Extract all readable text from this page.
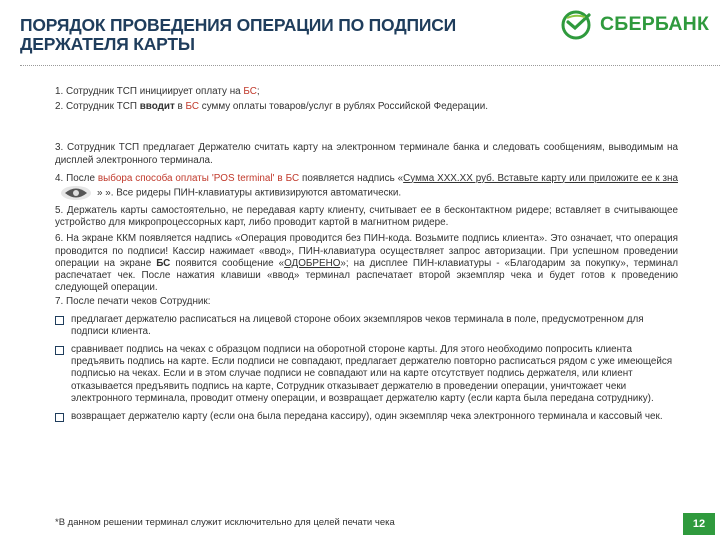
ПОРЯДОК ПРОВЕДЕНИЯ ОПЕРАЦИИ ПО ПОДПИСИ
ДЕРЖАТЕЛЯ КАРТЫ
СБЕРБАНК

1. Сотрудник ТСП инициирует оплату на БС;

2. Сотрудник ТСП вводит в БС сумму оплаты товаров/услуг в рублях Российской Федерации.

3. Сотрудник ТСП предлагает Держателю считать карту на электронном терминале банка и следовать сообщениям, выводимым на дисплей электронного терминала.

4. После выбора способа оплаты 'POS terminal' в БС появляется надпись «Сумма ХХХ.ХХ руб. Вставьте карту или приложите ее к зна» ». Все ридеры ПИН-клавиатуры активизируются автоматически.

5. Держатель карты самостоятельно, не передавая карту клиенту, считывает ее в бесконтактном ридере; вставляет в считывающее устройство для микропроцессорных карт, либо проводит картой в магнитном ридере.

6. На экране ККМ появляется надпись «Операция проводится без ПИН-кода. Возьмите подпись клиента». Это означает, что операция проводится по подписи! Кассир нажимает «ввод», ПИН-клавиатура осуществляет запрос авторизации. При успешном проведении операции на экране БС появится сообщение «ОДОБРЕНО»; на дисплее ПИН-клавиатуры - «Благодарим за покупку», терминал распечатает чек. После нажатия клавиши «ввод» терминал распечатает второй экземпляр чека и будет готов к проведению следующей операции.

7. После печати чеков Сотрудник:

предлагает держателю расписаться на лицевой стороне обоих экземпляров чеков терминала в поле, предусмотренном для подписи клиента.
сравнивает подпись на чеках с образцом подписи на оборотной стороне карты. Для этого необходимо попросить клиента предъявить подпись на карте. Если подписи не совпадают, предлагает держателю повторно расписаться рядом с уже имеющейся подписью на чеках. Если и в этом случае подписи не совпадают или на карте отсутствует подпись держателя, или клиент отказывается предъявить подпись на карте, Сотрудник отказывает держателю в проведении операции, уничтожает чеки электронного терминала, проводит отмену операции, и возвращает держателю карту (если карта была передана сотруднику).
возвращает держателю карту (если она была передана кассиру), один экземпляр чека электронного терминала и кассовый чек.
*В данном решении терминал служит исключительно для целей печати чека	12
